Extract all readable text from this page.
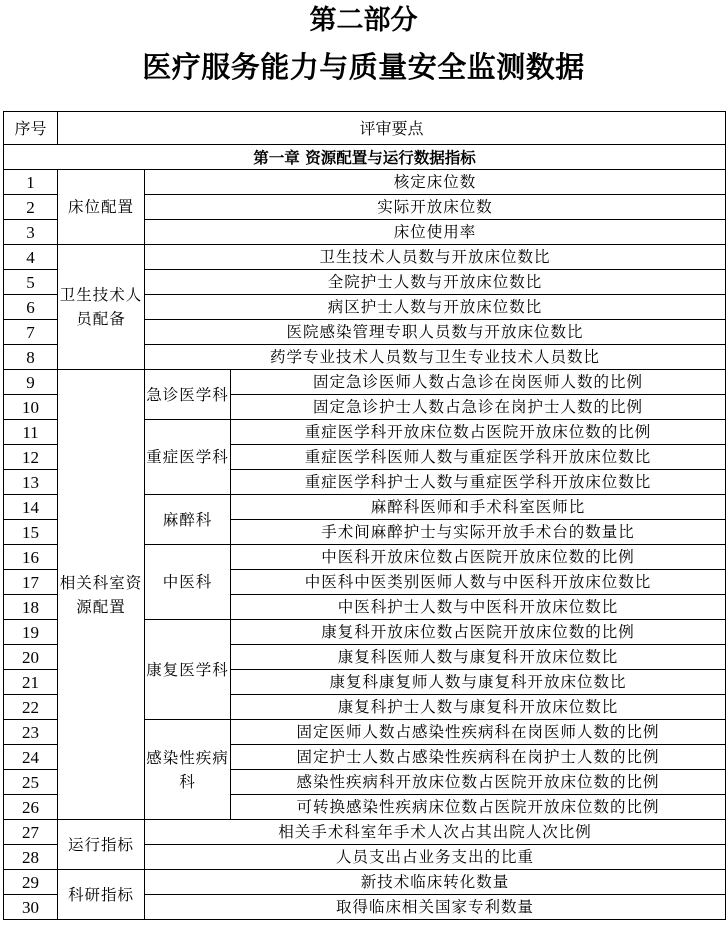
第二部分
医疗服务能力与质量安全监测数据
序号	评审要点		
第一章 资源配置与运行数据指标			
1	床位配置	核定床位数	
2		实际开放床位数	
3		床位使用率	
4	卫生技术人员配备	卫生技术人员数与开放床位数比	
5		全院护士人数与开放床位数比	
6		病区护士人数与开放床位数比	
7		医院感染管理专职人员数与开放床位数比	
8		药学专业技术人员数与卫生专业技术人员数比	
9	相关科室资源配置	急诊医学科	固定急诊医师人数占急诊在岗医师人数的比例
10			固定急诊护士人数占急诊在岗护士人数的比例
11		重症医学科	重症医学科开放床位数占医院开放床位数的比例
12			重症医学科医师人数与重症医学科开放床位数比
13			重症医学科护士人数与重症医学科开放床位数比
14		麻醉科	麻醉科医师和手术科室医师比
15			手术间麻醉护士与实际开放手术台的数量比
16		中医科	中医科开放床位数占医院开放床位数的比例
17			中医科中医类别医师人数与中医科开放床位数比
18			中医科护士人数与中医科开放床位数比
19		康复医学科	康复科开放床位数占医院开放床位数的比例
20			康复科医师人数与康复科开放床位数比
21			康复科康复师人数与康复科开放床位数比
22			康复科护士人数与康复科开放床位数比
23		感染性疾病科	固定医师人数占感染性疾病科在岗医师人数的比例
24			固定护士人数占感染性疾病科在岗护士人数的比例
25			感染性疾病科开放床位数占医院开放床位数的比例
26			可转换感染性疾病床位数占医院开放床位数的比例
27	运行指标	相关手术科室年手术人次占其出院人次比例	
28		人员支出占业务支出的比重	
29	科研指标	新技术临床转化数量	
30		取得临床相关国家专利数量	
